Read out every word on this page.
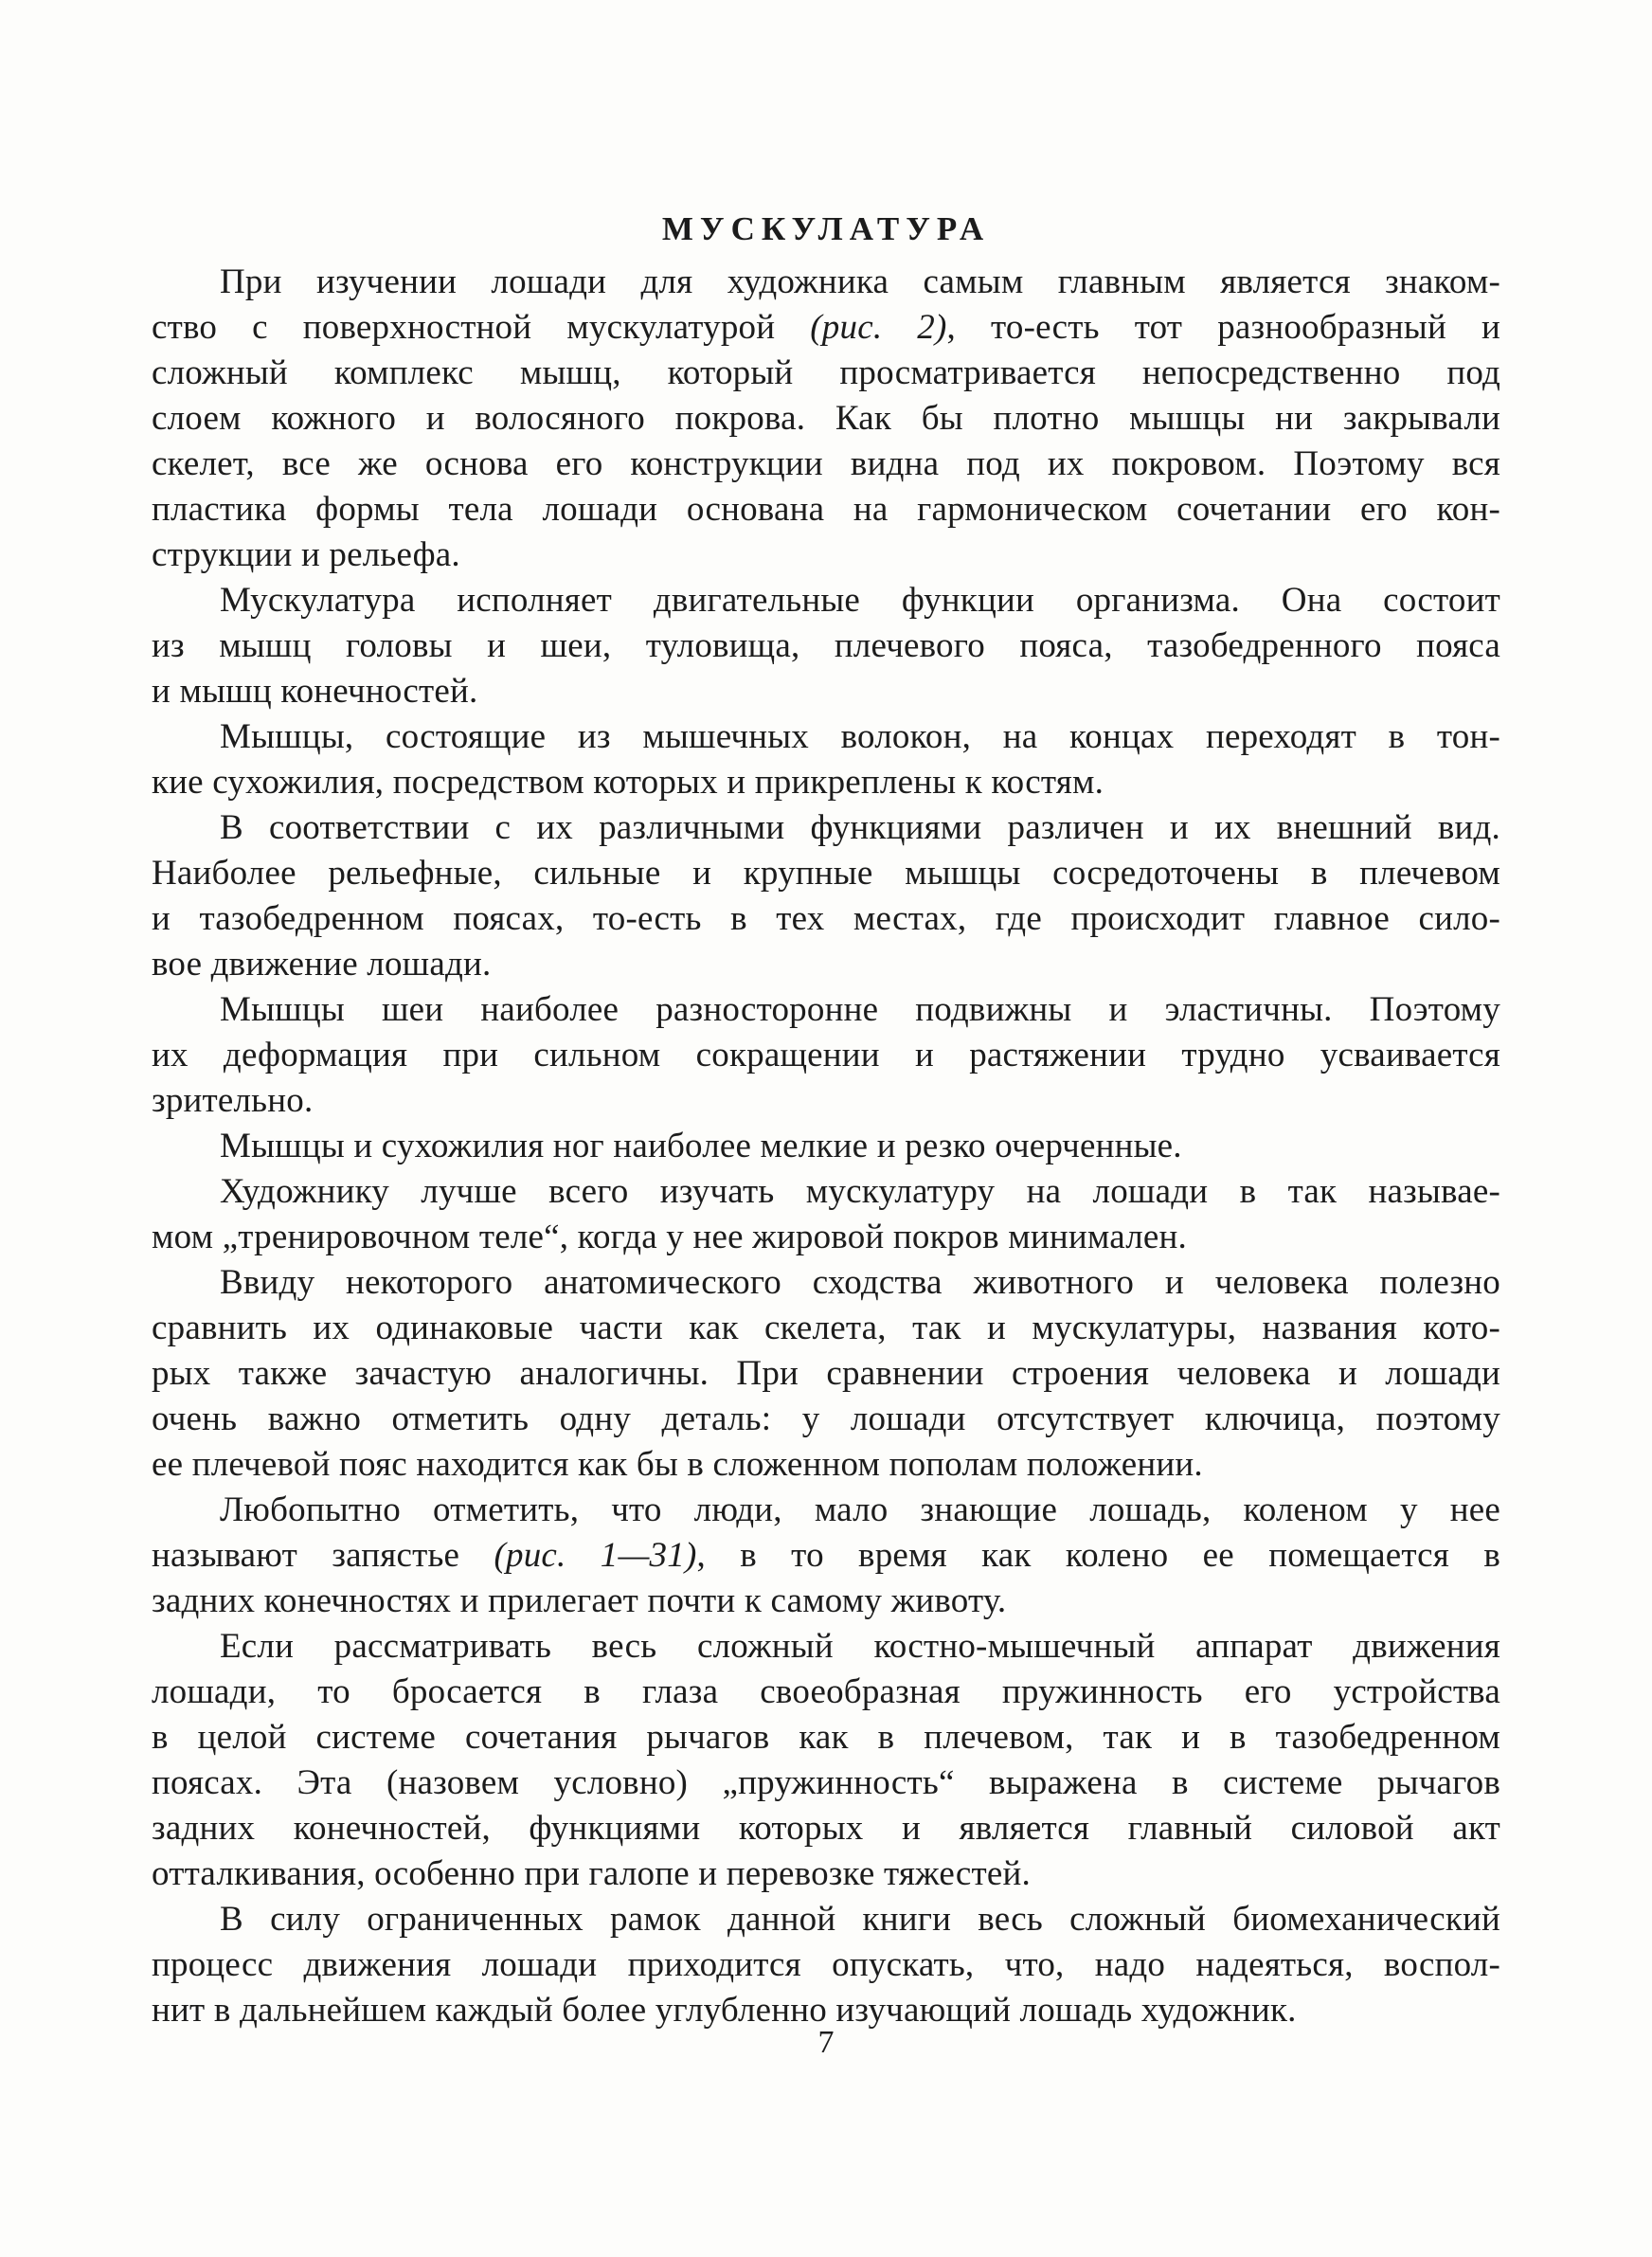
МУСКУЛАТУРА

При изучении лошади для художника самым главным является знаком-
ство с поверхностной мускулатурой (рис. 2), то-есть тот разнообразный и
сложный комплекс мышц, который просматривается непосредственно под
слоем кожного и волосяного покрова. Как бы плотно мышцы ни закрывали
скелет, все же основа его конструкции видна под их покровом. Поэтому вся
пластика формы тела лошади основана на гармоническом сочетании его кон-
струкции и рельефа.

Мускулатура исполняет двигательные функции организма. Она состоит
из мышц головы и шеи, туловища, плечевого пояса, тазобедренного пояса
и мышц конечностей.

Мышцы, состоящие из мышечных волокон, на концах переходят в тон-
кие сухожилия, посредством которых и прикреплены к костям.

В соответствии с их различными функциями различен и их внешний вид.
Наиболее рельефные, сильные и крупные мышцы сосредоточены в плечевом
и тазобедренном поясах, то-есть в тех местах, где происходит главное сило-
вое движение лошади.

Мышцы шеи наиболее разносторонне подвижны и эластичны. Поэтому
их деформация при сильном сокращении и растяжении трудно усваивается
зрительно.

Мышцы и сухожилия ног наиболее мелкие и резко очерченные.

Художнику лучше всего изучать мускулатуру на лошади в так называе-
мом „тренировочном теле“, когда у нее жировой покров минимален.

Ввиду некоторого анатомического сходства животного и человека полезно
сравнить их одинаковые части как скелета, так и мускулатуры, названия кото-
рых также зачастую аналогичны. При сравнении строения человека и лошади
очень важно отметить одну деталь: у лошади отсутствует ключица, поэтому
ее плечевой пояс находится как бы в сложенном пополам положении.

Любопытно отметить, что люди, мало знающие лошадь, коленом у нее
называют запястье (рис. 1—31), в то время как колено ее помещается в
задних конечностях и прилегает почти к самому животу.

Если рассматривать весь сложный костно-мышечный аппарат движения
лошади, то бросается в глаза своеобразная пружинность его устройства
в целой системе сочетания рычагов как в плечевом, так и в тазобедренном
поясах. Эта (назовем условно) „пружинность“ выражена в системе рычагов
задних конечностей, функциями которых и является главный силовой акт
отталкивания, особенно при галопе и перевозке тяжестей.

В силу ограниченных рамок данной книги весь сложный биомеханический
процесс движения лошади приходится опускать, что, надо надеяться, воспол-
нит в дальнейшем каждый более углубленно изучающий лошадь художник.

7
